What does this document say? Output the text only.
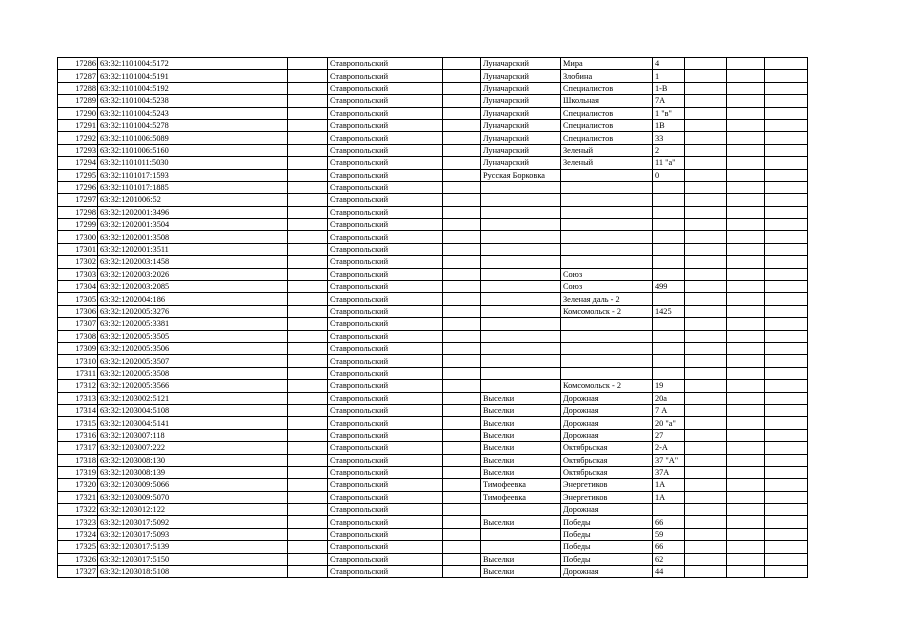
17286	63:32:1101004:5172		Ставропольский		Луначарский	Мира	4			
17287	63:32:1101004:5191		Ставропольский		Луначарский	Злобина	1			
17288	63:32:1101004:5192		Ставропольский		Луначарский	Специалистов	1-В			
17289	63:32:1101004:5238		Ставропольский		Луначарский	Школьная	7А			
17290	63:32:1101004:5243		Ставропольский		Луначарский	Специалистов	1 "в"			
17291	63:32:1101004:5278		Ставропольский		Луначарский	Специалистов	1В			
17292	63:32:1101006:5089		Ставропольский		Луначарский	Специалистов	33			
17293	63:32:1101006:5160		Ставропольский		Луначарский	Зеленый	2			
17294	63:32:1101011:5030		Ставропольский		Луначарский	Зеленый	11 "а"			
17295	63:32:1101017:1593		Ставропольский		Русская Борковка		0			
17296	63:32:1101017:1885		Ставропольский							
17297	63:32:1201006:52		Ставропольский							
17298	63:32:1202001:3496		Ставропольский							
17299	63:32:1202001:3504		Ставропольский							
17300	63:32:1202001:3508		Ставропольский							
17301	63:32:1202001:3511		Ставропольский							
17302	63:32:1202003:1458		Ставропольский							
17303	63:32:1202003:2026		Ставропольский			Союз				
17304	63:32:1202003:2085		Ставропольский			Союз	499			
17305	63:32:1202004:186		Ставропольский			Зеленая даль - 2				
17306	63:32:1202005:3276		Ставропольский			Комсомольск - 2	1425			
17307	63:32:1202005:3381		Ставропольский							
17308	63:32:1202005:3505		Ставропольский							
17309	63:32:1202005:3506		Ставропольский							
17310	63:32:1202005:3507		Ставропольский							
17311	63:32:1202005:3508		Ставропольский							
17312	63:32:1202005:3566		Ставропольский			Комсомольск - 2	19			
17313	63:32:1203002:5121		Ставропольский		Выселки	Дорожная	20а			
17314	63:32:1203004:5108		Ставропольский		Выселки	Дорожная	7 А			
17315	63:32:1203004:5141		Ставропольский		Выселки	Дорожная	20 "а"			
17316	63:32:1203007:118		Ставропольский		Выселки	Дорожная	27			
17317	63:32:1203007:222		Ставропольский		Выселки	Октябрьская	2-А			
17318	63:32:1203008:130		Ставропольский		Выселки	Октябрьская	37 "А"			
17319	63:32:1203008:139		Ставропольский		Выселки	Октябрьская	37А			
17320	63:32:1203009:5066		Ставропольский		Тимофеевка	Энергетиков	1А			
17321	63:32:1203009:5070		Ставропольский		Тимофеевка	Энергетиков	1А			
17322	63:32:1203012:122		Ставропольский			Дорожная				
17323	63:32:1203017:5092		Ставропольский		Выселки	Победы	66			
17324	63:32:1203017:5093		Ставропольский			Победы	59			
17325	63:32:1203017:5139		Ставропольский			Победы	66			
17326	63:32:1203017:5150		Ставропольский		Выселки	Победы	62			
17327	63:32:1203018:5108		Ставропольский		Выселки	Дорожная	44			
